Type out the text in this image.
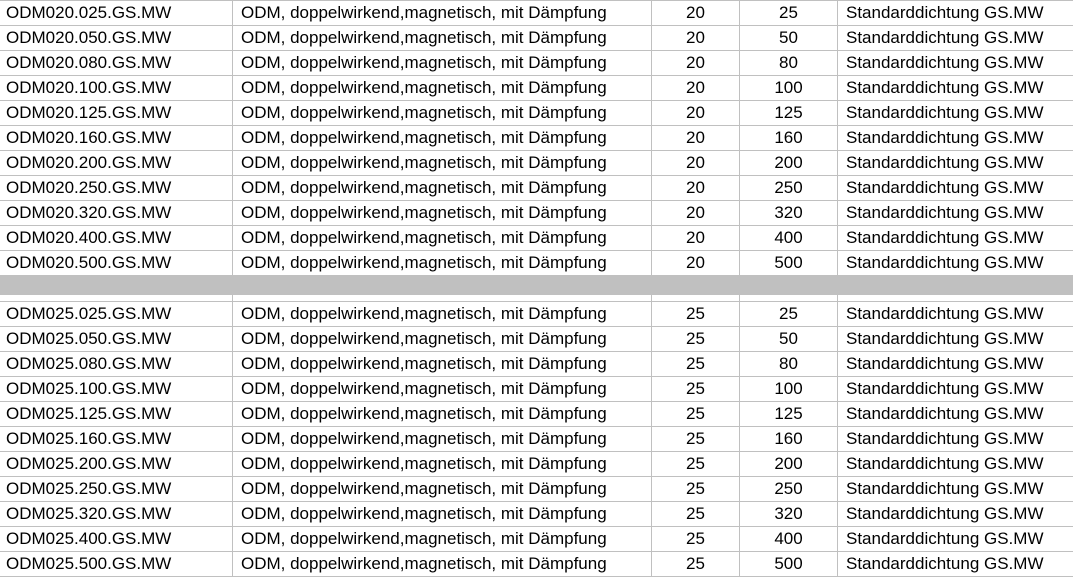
ODM020.025.GS.MW	ODM, doppelwirkend,magnetisch, mit Dämpfung	20	25	Standarddichtung GS.MW
ODM020.050.GS.MW	ODM, doppelwirkend,magnetisch, mit Dämpfung	20	50	Standarddichtung GS.MW
ODM020.080.GS.MW	ODM, doppelwirkend,magnetisch, mit Dämpfung	20	80	Standarddichtung GS.MW
ODM020.100.GS.MW	ODM, doppelwirkend,magnetisch, mit Dämpfung	20	100	Standarddichtung GS.MW
ODM020.125.GS.MW	ODM, doppelwirkend,magnetisch, mit Dämpfung	20	125	Standarddichtung GS.MW
ODM020.160.GS.MW	ODM, doppelwirkend,magnetisch, mit Dämpfung	20	160	Standarddichtung GS.MW
ODM020.200.GS.MW	ODM, doppelwirkend,magnetisch, mit Dämpfung	20	200	Standarddichtung GS.MW
ODM020.250.GS.MW	ODM, doppelwirkend,magnetisch, mit Dämpfung	20	250	Standarddichtung GS.MW
ODM020.320.GS.MW	ODM, doppelwirkend,magnetisch, mit Dämpfung	20	320	Standarddichtung GS.MW
ODM020.400.GS.MW	ODM, doppelwirkend,magnetisch, mit Dämpfung	20	400	Standarddichtung GS.MW
ODM020.500.GS.MW	ODM, doppelwirkend,magnetisch, mit Dämpfung	20	500	Standarddichtung GS.MW
ODM025.025.GS.MW	ODM, doppelwirkend,magnetisch, mit Dämpfung	25	25	Standarddichtung GS.MW
ODM025.050.GS.MW	ODM, doppelwirkend,magnetisch, mit Dämpfung	25	50	Standarddichtung GS.MW
ODM025.080.GS.MW	ODM, doppelwirkend,magnetisch, mit Dämpfung	25	80	Standarddichtung GS.MW
ODM025.100.GS.MW	ODM, doppelwirkend,magnetisch, mit Dämpfung	25	100	Standarddichtung GS.MW
ODM025.125.GS.MW	ODM, doppelwirkend,magnetisch, mit Dämpfung	25	125	Standarddichtung GS.MW
ODM025.160.GS.MW	ODM, doppelwirkend,magnetisch, mit Dämpfung	25	160	Standarddichtung GS.MW
ODM025.200.GS.MW	ODM, doppelwirkend,magnetisch, mit Dämpfung	25	200	Standarddichtung GS.MW
ODM025.250.GS.MW	ODM, doppelwirkend,magnetisch, mit Dämpfung	25	250	Standarddichtung GS.MW
ODM025.320.GS.MW	ODM, doppelwirkend,magnetisch, mit Dämpfung	25	320	Standarddichtung GS.MW
ODM025.400.GS.MW	ODM, doppelwirkend,magnetisch, mit Dämpfung	25	400	Standarddichtung GS.MW
ODM025.500.GS.MW	ODM, doppelwirkend,magnetisch, mit Dämpfung	25	500	Standarddichtung GS.MW
